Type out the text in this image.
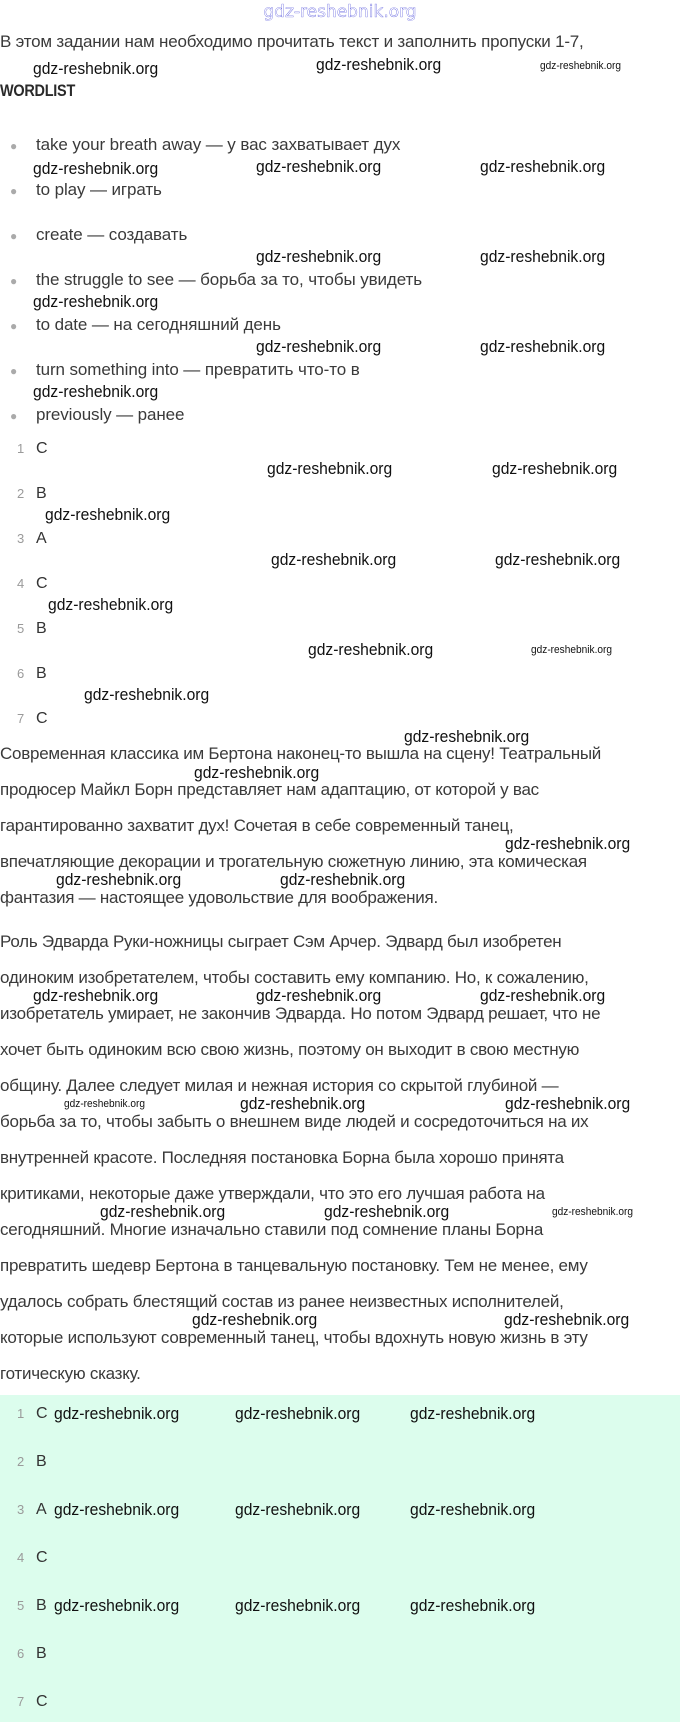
gdz-reshebnik.org
В этом задании нам необходимо прочитать текст и заполнить пропуски 1-7,
WORDLIST
● take your breath away — у вас захватывает дух
● to play — играть
● create — создавать
● the struggle to see — борьба за то, чтобы увидеть
● to date — на сегодняшний день
● turn something into — превратить что-то в
● previously — ранее
1 C
2 B
3 A
4 C
5 B
6 B
7 C
Современная классика им Бертона наконец-то вышла на сцену! Театральный
продюсер Майкл Борн представляет нам адаптацию, от которой у вас
гарантированно захватит дух! Сочетая в себе современный танец,
впечатляющие декорации и трогательную сюжетную линию, эта комическая
фантазия — настоящее удовольствие для воображения.
Роль Эдварда Руки-ножницы сыграет Сэм Арчер. Эдвард был изобретен
одиноким изобретателем, чтобы составить ему компанию. Но, к сожалению,
изобретатель умирает, не закончив Эдварда. Но потом Эдвард решает, что не
хочет быть одиноким всю свою жизнь, поэтому он выходит в свою местную
общину. Далее следует милая и нежная история со скрытой глубиной —
борьба за то, чтобы забыть о внешнем виде людей и сосредоточиться на их
внутренней красоте. Последняя постановка Борна была хорошо принята
критиками, некоторые даже утверждали, что это его лучшая работа на
сегодняшний. Многие изначально ставили под сомнение планы Борна
превратить шедевр Бертона в танцевальную постановку. Тем не менее, ему
удалось собрать блестящий состав из ранее неизвестных исполнителей,
которые используют современный танец, чтобы вдохнуть новую жизнь в эту
готическую сказку.
1 C
2 B
3 A
4 C
5 B
6 B
7 C
gdz-reshebnik.org	gdz-reshebnik.org	gdz-reshebnik.org
gdz-reshebnik.org	gdz-reshebnik.org	gdz-reshebnik.org
gdz-reshebnik.org	gdz-reshebnik.org
gdz-reshebnik.org
gdz-reshebnik.org	gdz-reshebnik.org
gdz-reshebnik.org
gdz-reshebnik.org	gdz-reshebnik.org
gdz-reshebnik.org
gdz-reshebnik.org	gdz-reshebnik.org
gdz-reshebnik.org
gdz-reshebnik.org	gdz-reshebnik.org
gdz-reshebnik.org
gdz-reshebnik.org
gdz-reshebnik.org
gdz-reshebnik.org
gdz-reshebnik.org	gdz-reshebnik.org
gdz-reshebnik.org	gdz-reshebnik.org	gdz-reshebnik.org
gdz-reshebnik.org	gdz-reshebnik.org	gdz-reshebnik.org
gdz-reshebnik.org	gdz-reshebnik.org	gdz-reshebnik.org
gdz-reshebnik.org	gdz-reshebnik.org
gdz-reshebnik.org	gdz-reshebnik.org	gdz-reshebnik.org
gdz-reshebnik.org	gdz-reshebnik.org	gdz-reshebnik.org
gdz-reshebnik.org	gdz-reshebnik.org	gdz-reshebnik.org
